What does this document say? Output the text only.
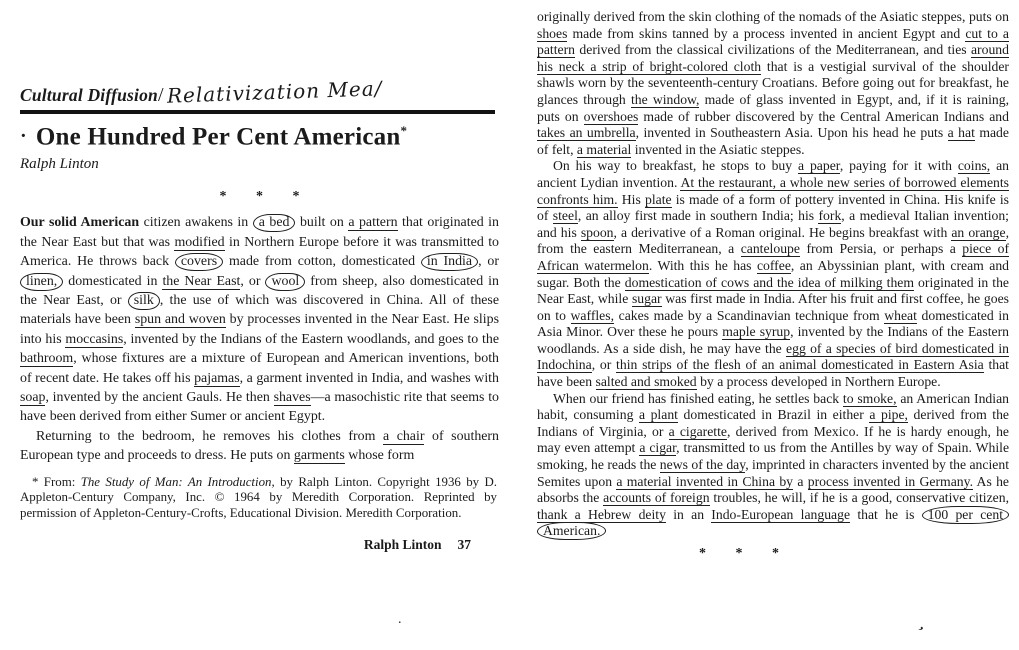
Cultural Diffusion/ Relativization Mea/
· One Hundred Per Cent American*
Ralph Linton
* * *

Our solid American citizen awakens in a bed built on a pattern that originated in the Near East but that was modified in Northern Europe before it was transmitted to America. He throws back covers made from cotton, domesticated in India , or linen, domesticated in the Near East, or wool from sheep, also domesticated in the Near East, or silk , the use of which was discovered in China. All of these materials have been spun and woven by processes invented in the Near East. He slips into his moccasins, invented by the Indians of the Eastern woodlands, and goes to the bathroom, whose fixtures are a mixture of European and American inventions, both of recent date. He takes off his pajamas, a garment invented in India, and washes with soap, invented by the ancient Gauls. He then shaves—a masochistic rite that seems to have been derived from either Sumer or ancient Egypt.

Returning to the bedroom, he removes his clothes from a chair of southern European type and proceeds to dress. He puts on garments whose form

* From: The Study of Man: An Introduction, by Ralph Linton. Copyright 1936 by D. Appleton-Century Company, Inc. © 1964 by Meredith Corporation. Reprinted by permission of Appleton-Century-Crofts, Educational Division. Meredith Corporation.
Ralph Linton 37

originally derived from the skin clothing of the nomads of the Asiatic steppes, puts on shoes made from skins tanned by a process invented in ancient Egypt and cut to a pattern derived from the classical civilizations of the Mediterranean, and ties around his neck a strip of bright-colored cloth that is a vestigial survival of the shoulder shawls worn by the seventeenth-century Croatians. Before going out for breakfast, he glances through the window, made of glass invented in Egypt, and, if it is raining, puts on overshoes made of rubber discovered by the Central American Indians and takes an umbrella, invented in Southeastern Asia. Upon his head he puts a hat made of felt, a material invented in the Asiatic steppes.

On his way to breakfast, he stops to buy a paper, paying for it with coins, an ancient Lydian invention. At the restaurant, a whole new series of borrowed elements confronts him. His plate is made of a form of pottery invented in China. His knife is of steel, an alloy first made in southern India; his fork, a medieval Italian invention; and his spoon, a derivative of a Roman original. He begins breakfast with an orange, from the eastern Mediterranean, a canteloupe from Persia, or perhaps a piece of African watermelon. With this he has coffee, an Abyssinian plant, with cream and sugar. Both the domestication of cows and the idea of milking them originated in the Near East, while sugar was first made in India. After his fruit and first coffee, he goes on to waffles, cakes made by a Scandinavian technique from wheat domesticated in Asia Minor. Over these he pours maple syrup, invented by the Indians of the Eastern woodlands. As a side dish, he may have the egg of a species of bird domesticated in Indochina, or thin strips of the flesh of an animal domesticated in Eastern Asia that have been salted and smoked by a process developed in Northern Europe.

When our friend has finished eating, he settles back to smoke, an American Indian habit, consuming a plant domesticated in Brazil in either a pipe, derived from the Indians of Virginia, or a cigarette, derived from Mexico. If he is hardy enough, he may even attempt a cigar, transmitted to us from the Antilles by way of Spain. While smoking, he reads the news of the day, imprinted in characters invented by the ancient Semites upon a material invented in China by a process invented in Germany. As he absorbs the accounts of foreign troubles, he will, if he is a good, conservative citizen, thank a Hebrew deity in an Indo-European language that he is 100 per cent American.

* * *
.
’
